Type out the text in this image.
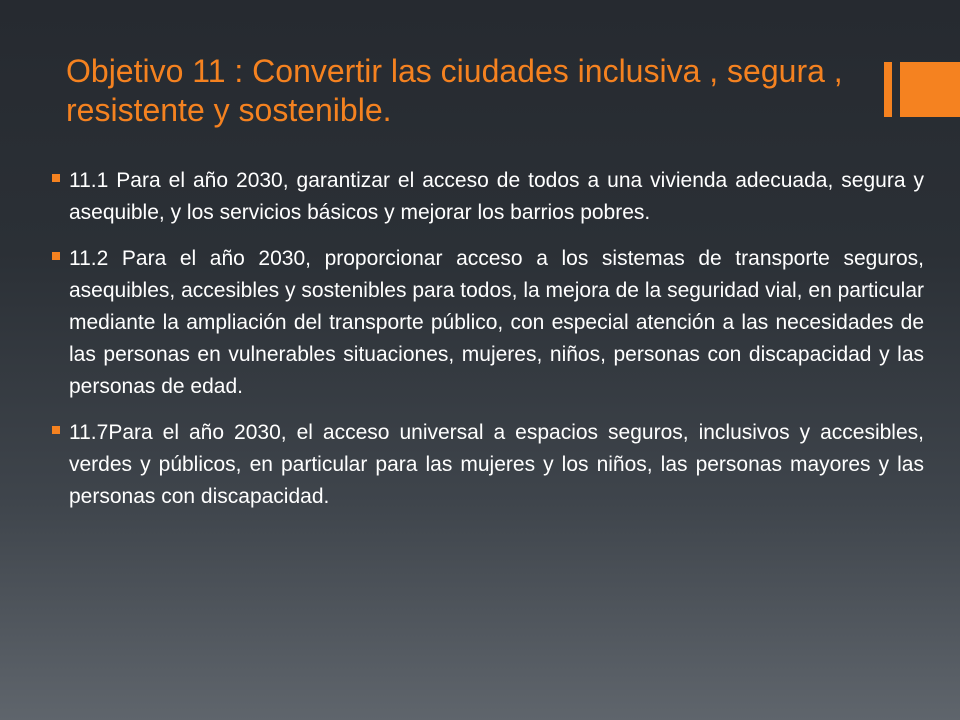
Objetivo 11 : Convertir las ciudades inclusiva , segura , resistente y sostenible.
11.1 Para el año 2030, garantizar el acceso de todos a una vivienda adecuada, segura y asequible, y los servicios básicos y mejorar los barrios pobres.
11.2 Para el año 2030, proporcionar acceso a los sistemas de transporte seguros, asequibles, accesibles y sostenibles para todos, la mejora de la seguridad vial, en particular mediante la ampliación del transporte público, con especial atención a las necesidades de las personas en vulnerables situaciones, mujeres, niños, personas con discapacidad y las personas de edad.
11.7Para el año 2030, el acceso universal a espacios seguros, inclusivos y accesibles, verdes y públicos, en particular para las mujeres y los niños, las personas mayores y las personas con discapacidad.
